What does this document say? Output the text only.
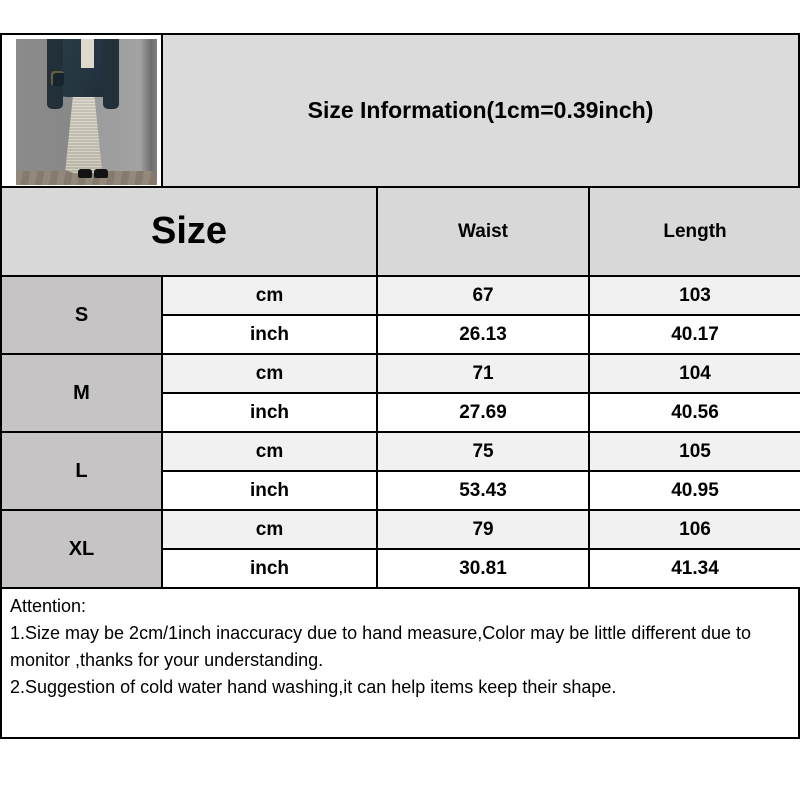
Size Information(1cm=0.39inch)
Size		Waist	Length
S	cm	67	103
	inch	26.13	40.17
M	cm	71	104
	inch	27.69	40.56
L	cm	75	105
	inch	53.43	40.95
XL	cm	79	106
	inch	30.81	41.34
Attention:
1.Size may be 2cm/1inch inaccuracy due to hand measure,Color may be little different due to monitor ,thanks for your understanding.
2.Suggestion of cold water hand washing,it can help items keep their shape.
